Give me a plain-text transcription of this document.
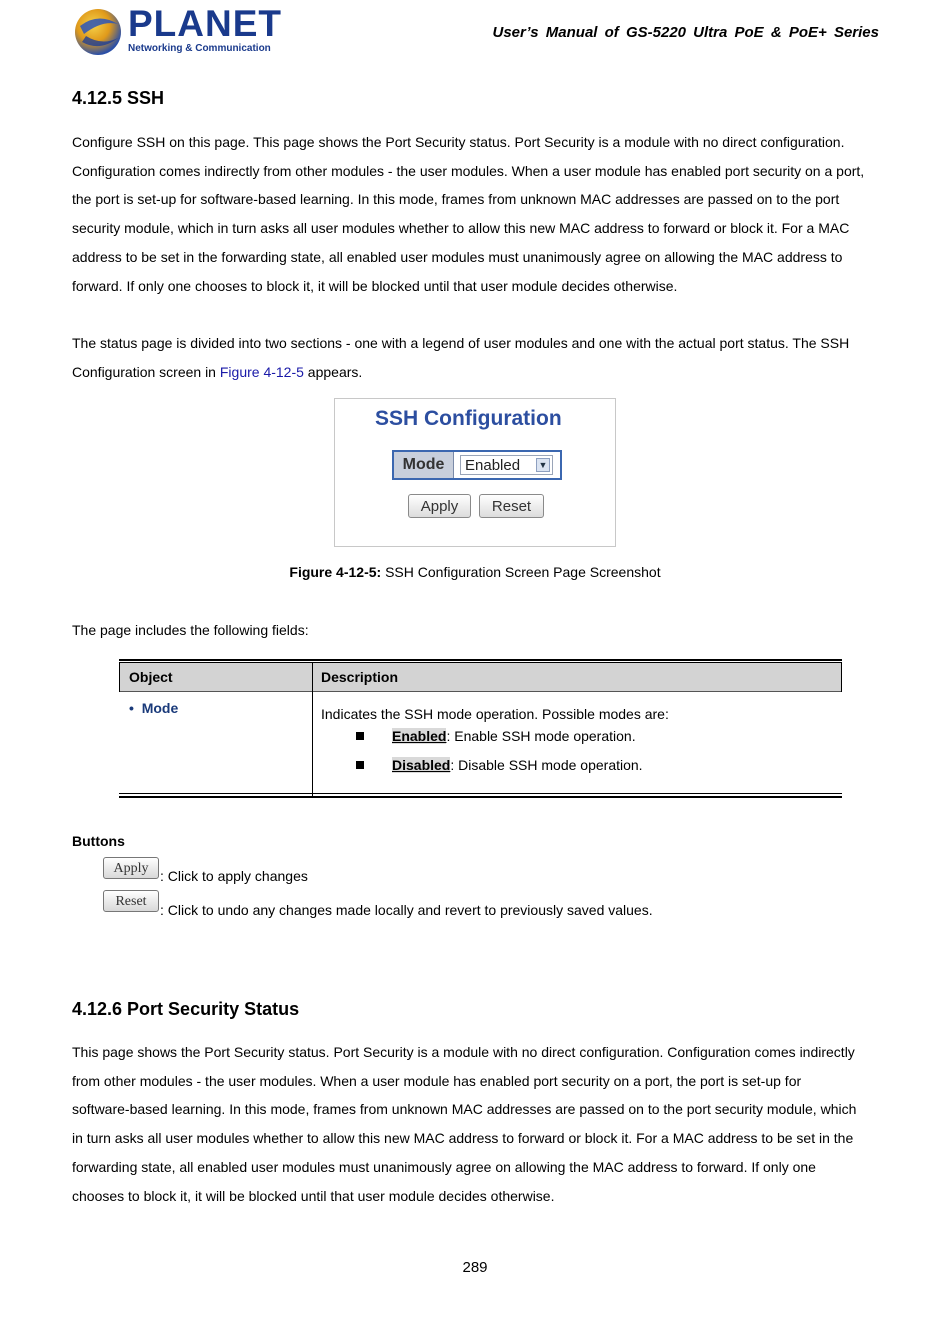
PLANET
Networking & Communication
User’s Manual of GS-5220 Ultra PoE & PoE+ Series
4.12.5 SSH

Configure SSH on this page. This page shows the Port Security status. Port Security is a module with no direct configuration.

Configuration comes indirectly from other modules - the user modules. When a user module has enabled port security on a port,

the port is set-up for software-based learning. In this mode, frames from unknown MAC addresses are passed on to the port

security module, which in turn asks all user modules whether to allow this new MAC address to forward or block it. For a MAC

address to be set in the forwarding state, all enabled user modules must unanimously agree on allowing the MAC address to

forward. If only one chooses to block it, it will be blocked until that user module decides otherwise.

The status page is divided into two sections - one with a legend of user modules and one with the actual port status. The SSH

Configuration screen in Figure 4-12-5 appears.

SSH Configuration
Mode	Enabled ▼
Apply	Reset
Figure 4-12-5: SSH Configuration Screen Page Screenshot
The page includes the following fields:
Object	Description
• Mode	Indicates the SSH mode operation. Possible modes are:
Enabled: Enable SSH mode operation.
Disabled: Disable SSH mode operation.
Buttons
Apply : Click to apply changes
Reset
: Click to undo any changes made locally and revert to previously saved values.
4.12.6 Port Security Status

This page shows the Port Security status. Port Security is a module with no direct configuration. Configuration comes indirectly

from other modules - the user modules. When a user module has enabled port security on a port, the port is set-up for

software-based learning. In this mode, frames from unknown MAC addresses are passed on to the port security module, which

in turn asks all user modules whether to allow this new MAC address to forward or block it. For a MAC address to be set in the

forwarding state, all enabled user modules must unanimously agree on allowing the MAC address to forward. If only one

chooses to block it, it will be blocked until that user module decides otherwise.

289
